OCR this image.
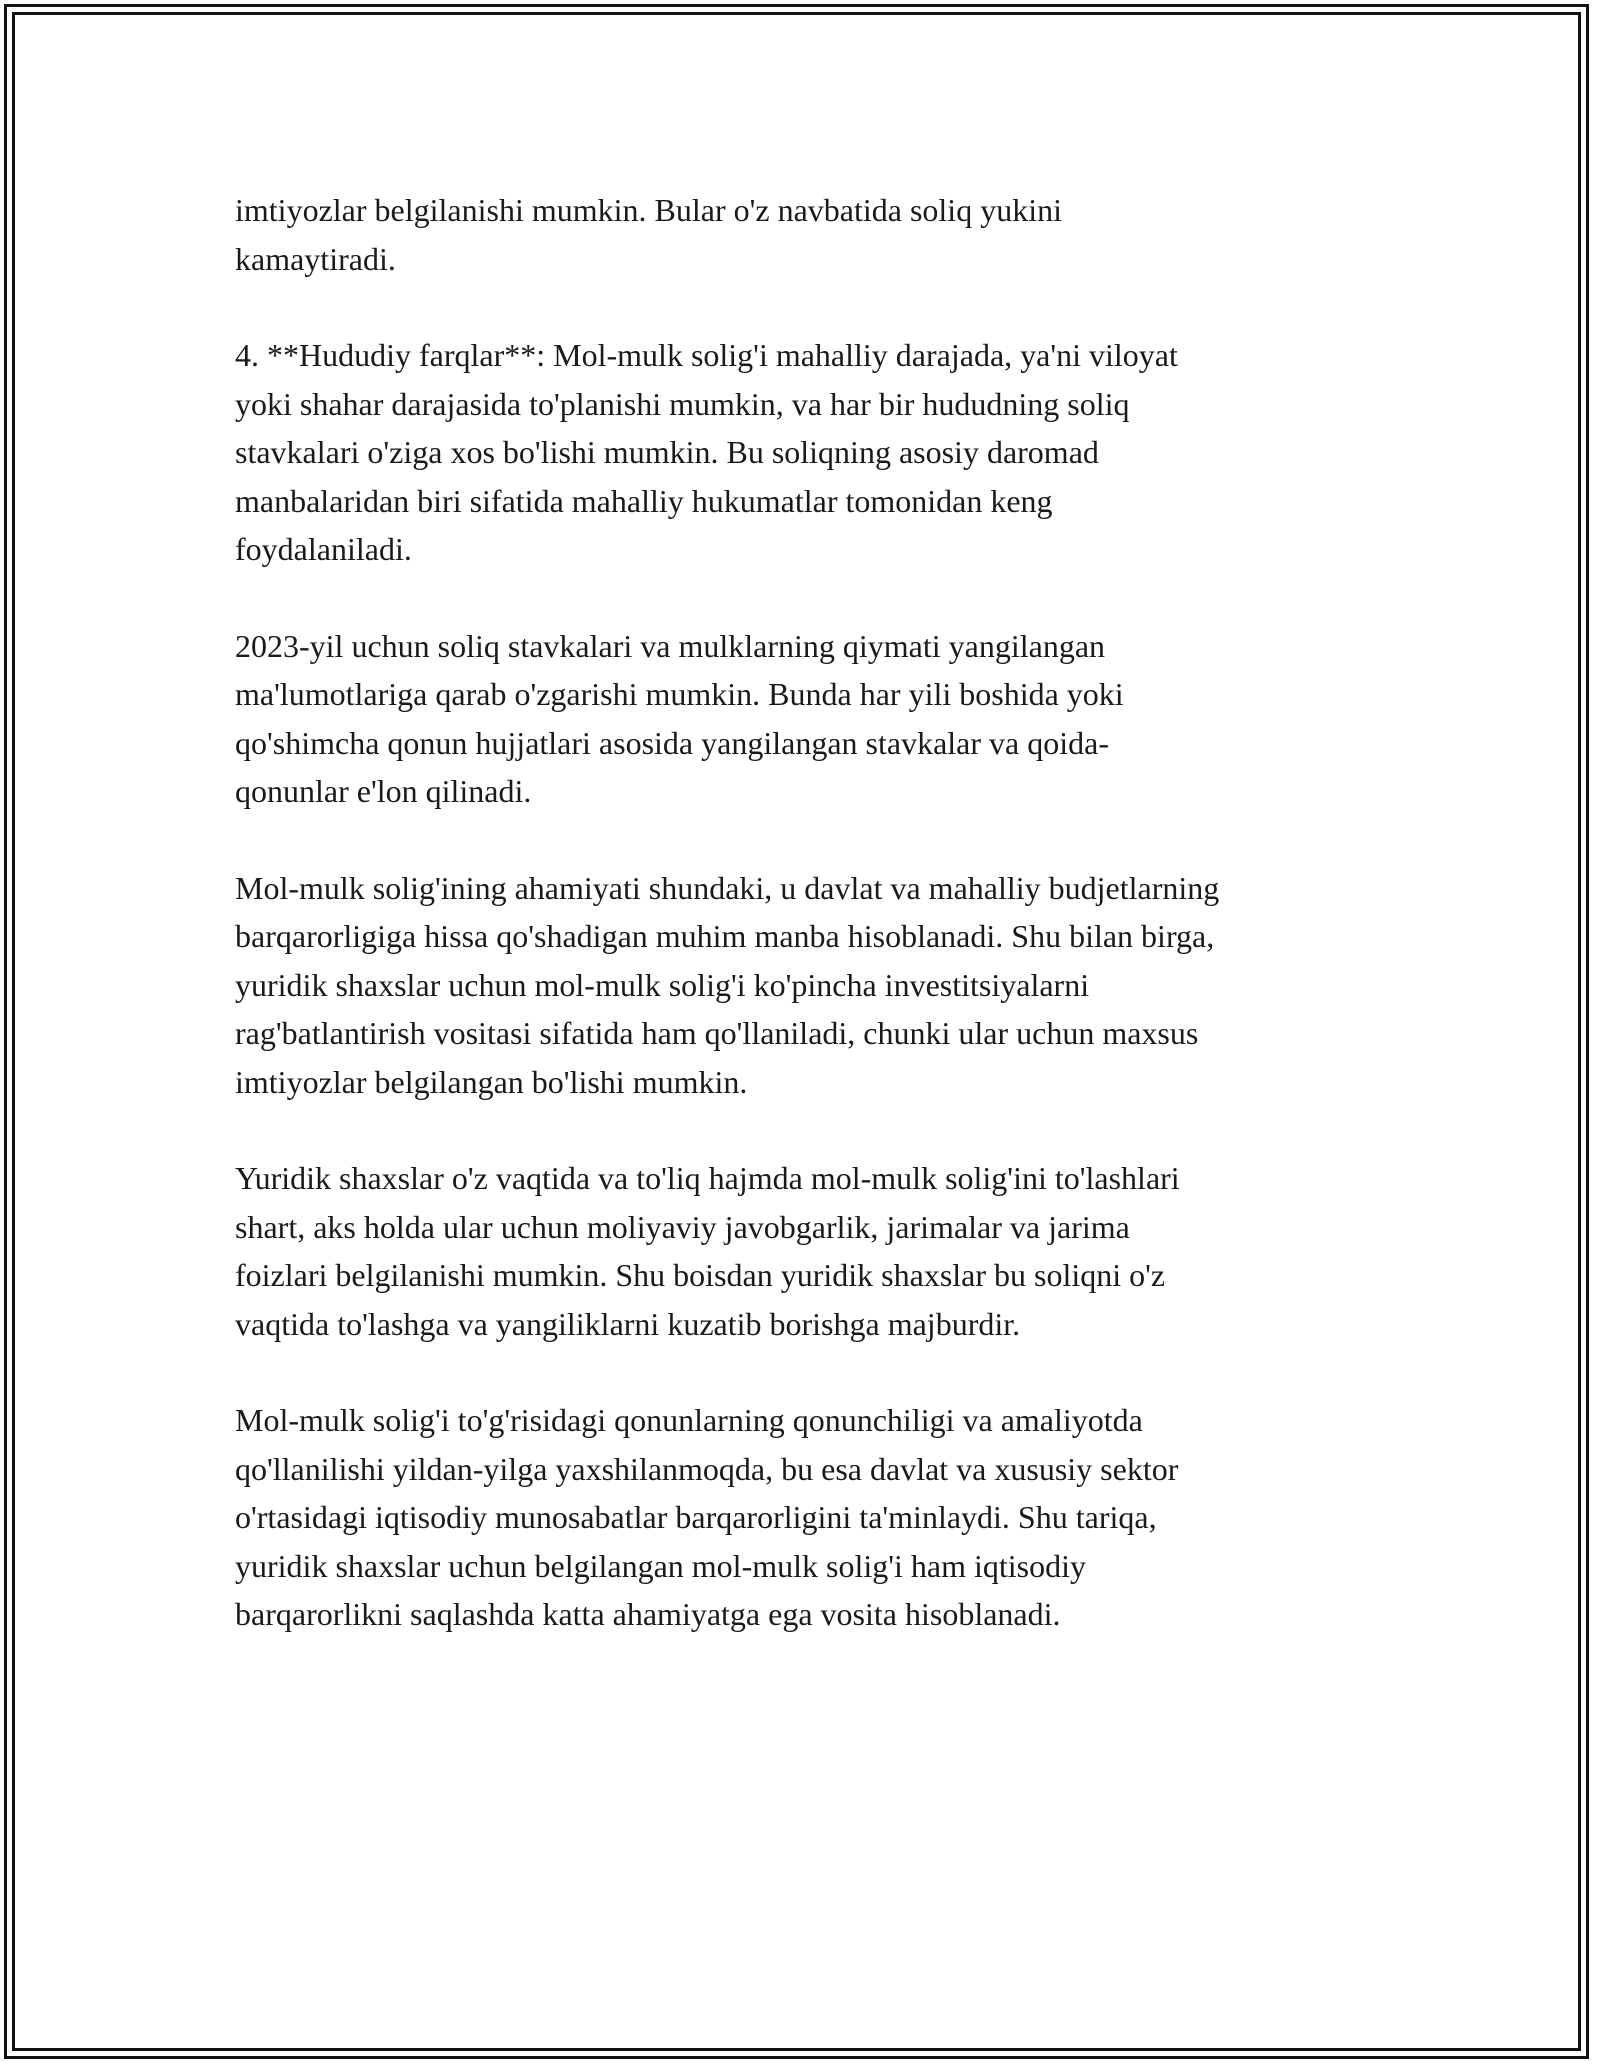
imtiyozlar belgilanishi mumkin. Bular o'z navbatida soliq yukini
kamaytiradi.

4. **Hududiy farqlar**: Mol-mulk solig'i mahalliy darajada, ya'ni viloyat
yoki shahar darajasida to'planishi mumkin, va har bir hududning soliq
stavkalari o'ziga xos bo'lishi mumkin. Bu soliqning asosiy daromad
manbalaridan biri sifatida mahalliy hukumatlar tomonidan keng
foydalaniladi.

2023-yil uchun soliq stavkalari va mulklarning qiymati yangilangan
ma'lumotlariga qarab o'zgarishi mumkin. Bunda har yili boshida yoki
qo'shimcha qonun hujjatlari asosida yangilangan stavkalar va qoida-
qonunlar e'lon qilinadi.

Mol-mulk solig'ining ahamiyati shundaki, u davlat va mahalliy budjetlarning
barqarorligiga hissa qo'shadigan muhim manba hisoblanadi. Shu bilan birga,
yuridik shaxslar uchun mol-mulk solig'i ko'pincha investitsiyalarni
rag'batlantirish vositasi sifatida ham qo'llaniladi, chunki ular uchun maxsus
imtiyozlar belgilangan bo'lishi mumkin.

Yuridik shaxslar o'z vaqtida va to'liq hajmda mol-mulk solig'ini to'lashlari
shart, aks holda ular uchun moliyaviy javobgarlik, jarimalar va jarima
foizlari belgilanishi mumkin. Shu boisdan yuridik shaxslar bu soliqni o'z
vaqtida to'lashga va yangiliklarni kuzatib borishga majburdir.

Mol-mulk solig'i to'g'risidagi qonunlarning qonunchiligi va amaliyotda
qo'llanilishi yildan-yilga yaxshilanmoqda, bu esa davlat va xususiy sektor
o'rtasidagi iqtisodiy munosabatlar barqarorligini ta'minlaydi. Shu tariqa,
yuridik shaxslar uchun belgilangan mol-mulk solig'i ham iqtisodiy
barqarorlikni saqlashda katta ahamiyatga ega vosita hisoblanadi.
